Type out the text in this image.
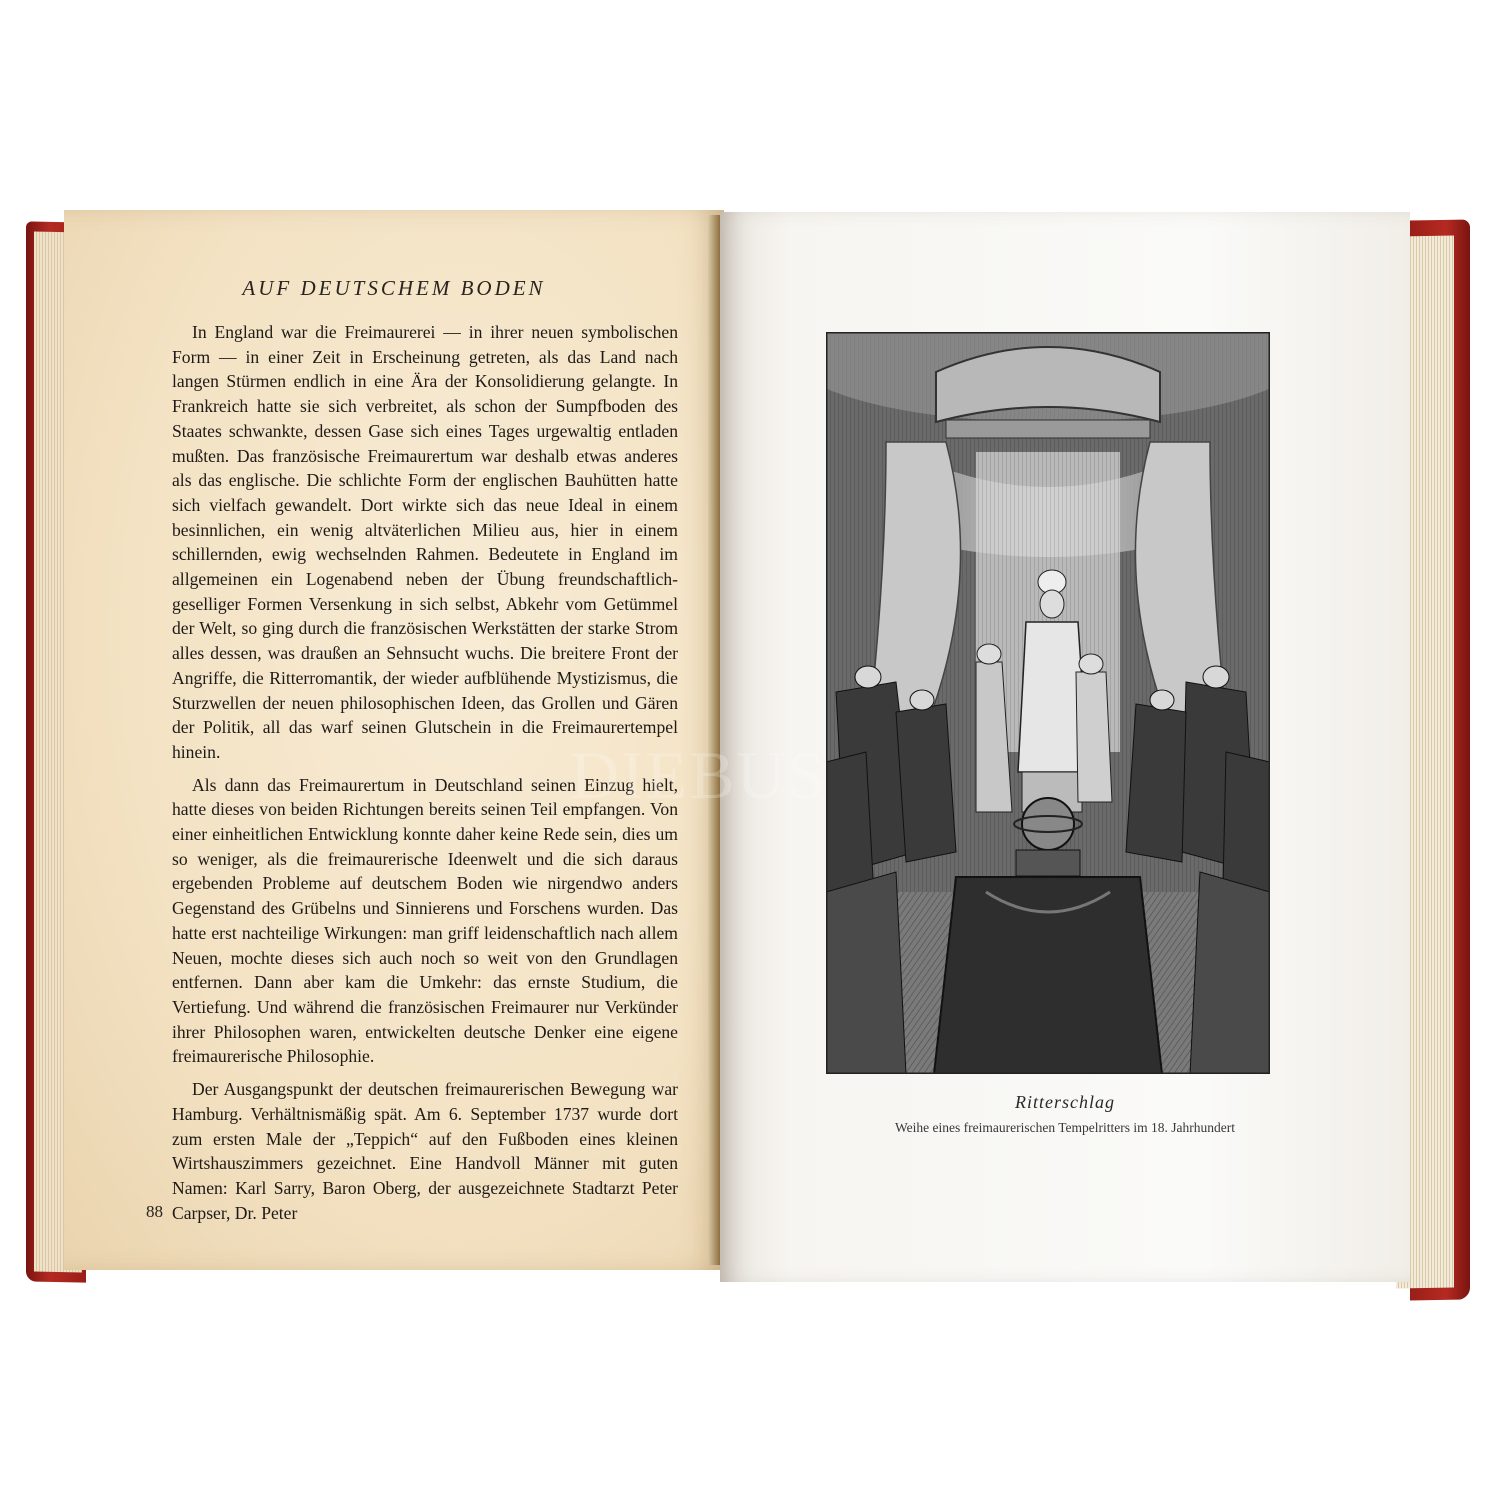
AUF DEUTSCHEM BODEN

In England war die Freimaurerei — in ihrer neuen symbolischen Form — in einer Zeit in Erscheinung getreten, als das Land nach langen Stürmen endlich in eine Ära der Konsolidierung gelangte. In Frankreich hatte sie sich verbreitet, als schon der Sumpfboden des Staates schwankte, dessen Gase sich eines Tages urgewaltig entladen mußten. Das französische Freimaurertum war deshalb etwas anderes als das englische. Die schlichte Form der englischen Bauhütten hatte sich vielfach gewandelt. Dort wirkte sich das neue Ideal in einem besinnlichen, ein wenig altväterlichen Milieu aus, hier in einem schillernden, ewig wechselnden Rahmen. Bedeutete in England im allgemeinen ein Logenabend neben der Übung freundschaftlich-geselliger Formen Versenkung in sich selbst, Abkehr vom Getümmel der Welt, so ging durch die französischen Werkstätten der starke Strom alles dessen, was draußen an Sehnsucht wuchs. Die breitere Front der Angriffe, die Ritterromantik, der wieder aufblühende Mystizismus, die Sturzwellen der neuen philosophischen Ideen, das Grollen und Gären der Politik, all das warf seinen Glutschein in die Freimaurertempel hinein.

Als dann das Freimaurertum in Deutschland seinen Einzug hielt, hatte dieses von beiden Richtungen bereits seinen Teil empfangen. Von einer einheitlichen Entwicklung konnte daher keine Rede sein, dies um so weniger, als die freimaurerische Ideenwelt und die sich daraus ergebenden Probleme auf deutschem Boden wie nirgendwo anders Gegenstand des Grübelns und Sinnierens und Forschens wurden. Das hatte erst nachteilige Wirkungen: man griff leidenschaftlich nach allem Neuen, mochte dieses sich auch noch so weit von den Grundlagen entfernen. Dann aber kam die Umkehr: das ernste Studium, die Vertiefung. Und während die französischen Freimaurer nur Verkünder ihrer Philosophen waren, entwickelten deutsche Denker eine eigene freimaurerische Philosophie.

Der Ausgangspunkt der deutschen freimaurerischen Bewegung war Hamburg. Verhältnismäßig spät. Am 6. September 1737 wurde dort zum ersten Male der „Teppich“ auf den Fußboden eines kleinen Wirtshauszimmers gezeichnet. Eine Handvoll Männer mit guten Namen: Karl Sarry, Baron Oberg, der ausgezeichnete Stadtarzt Peter Carpser, Dr. Peter

88
Ritterschlag
Weihe eines freimaurerischen Tempelritters im 18. Jahrhundert
DIEBUS
